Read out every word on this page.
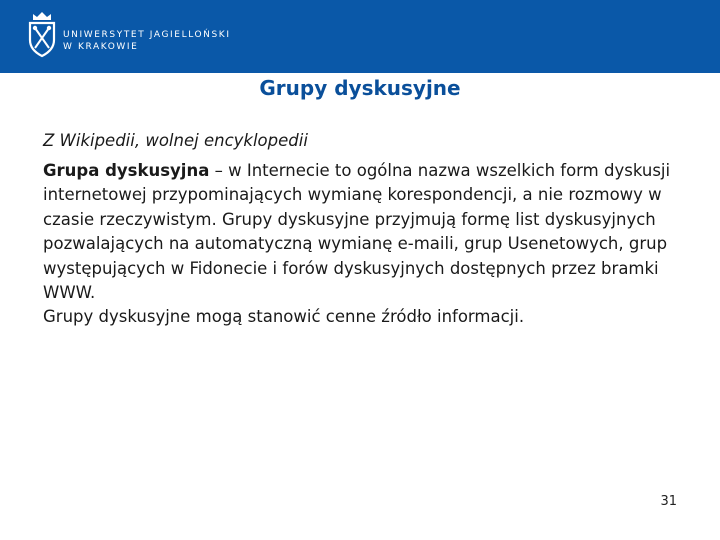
UNIWERSYTET JAGIELLOŃSKI
W KRAKOWIE
Grupy dyskusyjne
Z Wikipedii, wolnej encyklopedii

Grupa dyskusyjna – w Internecie to ogólna nazwa wszelkich form dyskusji internetowej przypominających wymianę korespondencji, a nie rozmowy w czasie rzeczywistym. Grupy dyskusyjne przyjmują formę list dyskusyjnych pozwalających na automatyczną wymianę e-maili, grup Usenetowych, grup występujących w Fidonecie i forów dyskusyjnych dostępnych przez bramki WWW.

Grupy dyskusyjne mogą stanowić cenne źródło informacji.

31
